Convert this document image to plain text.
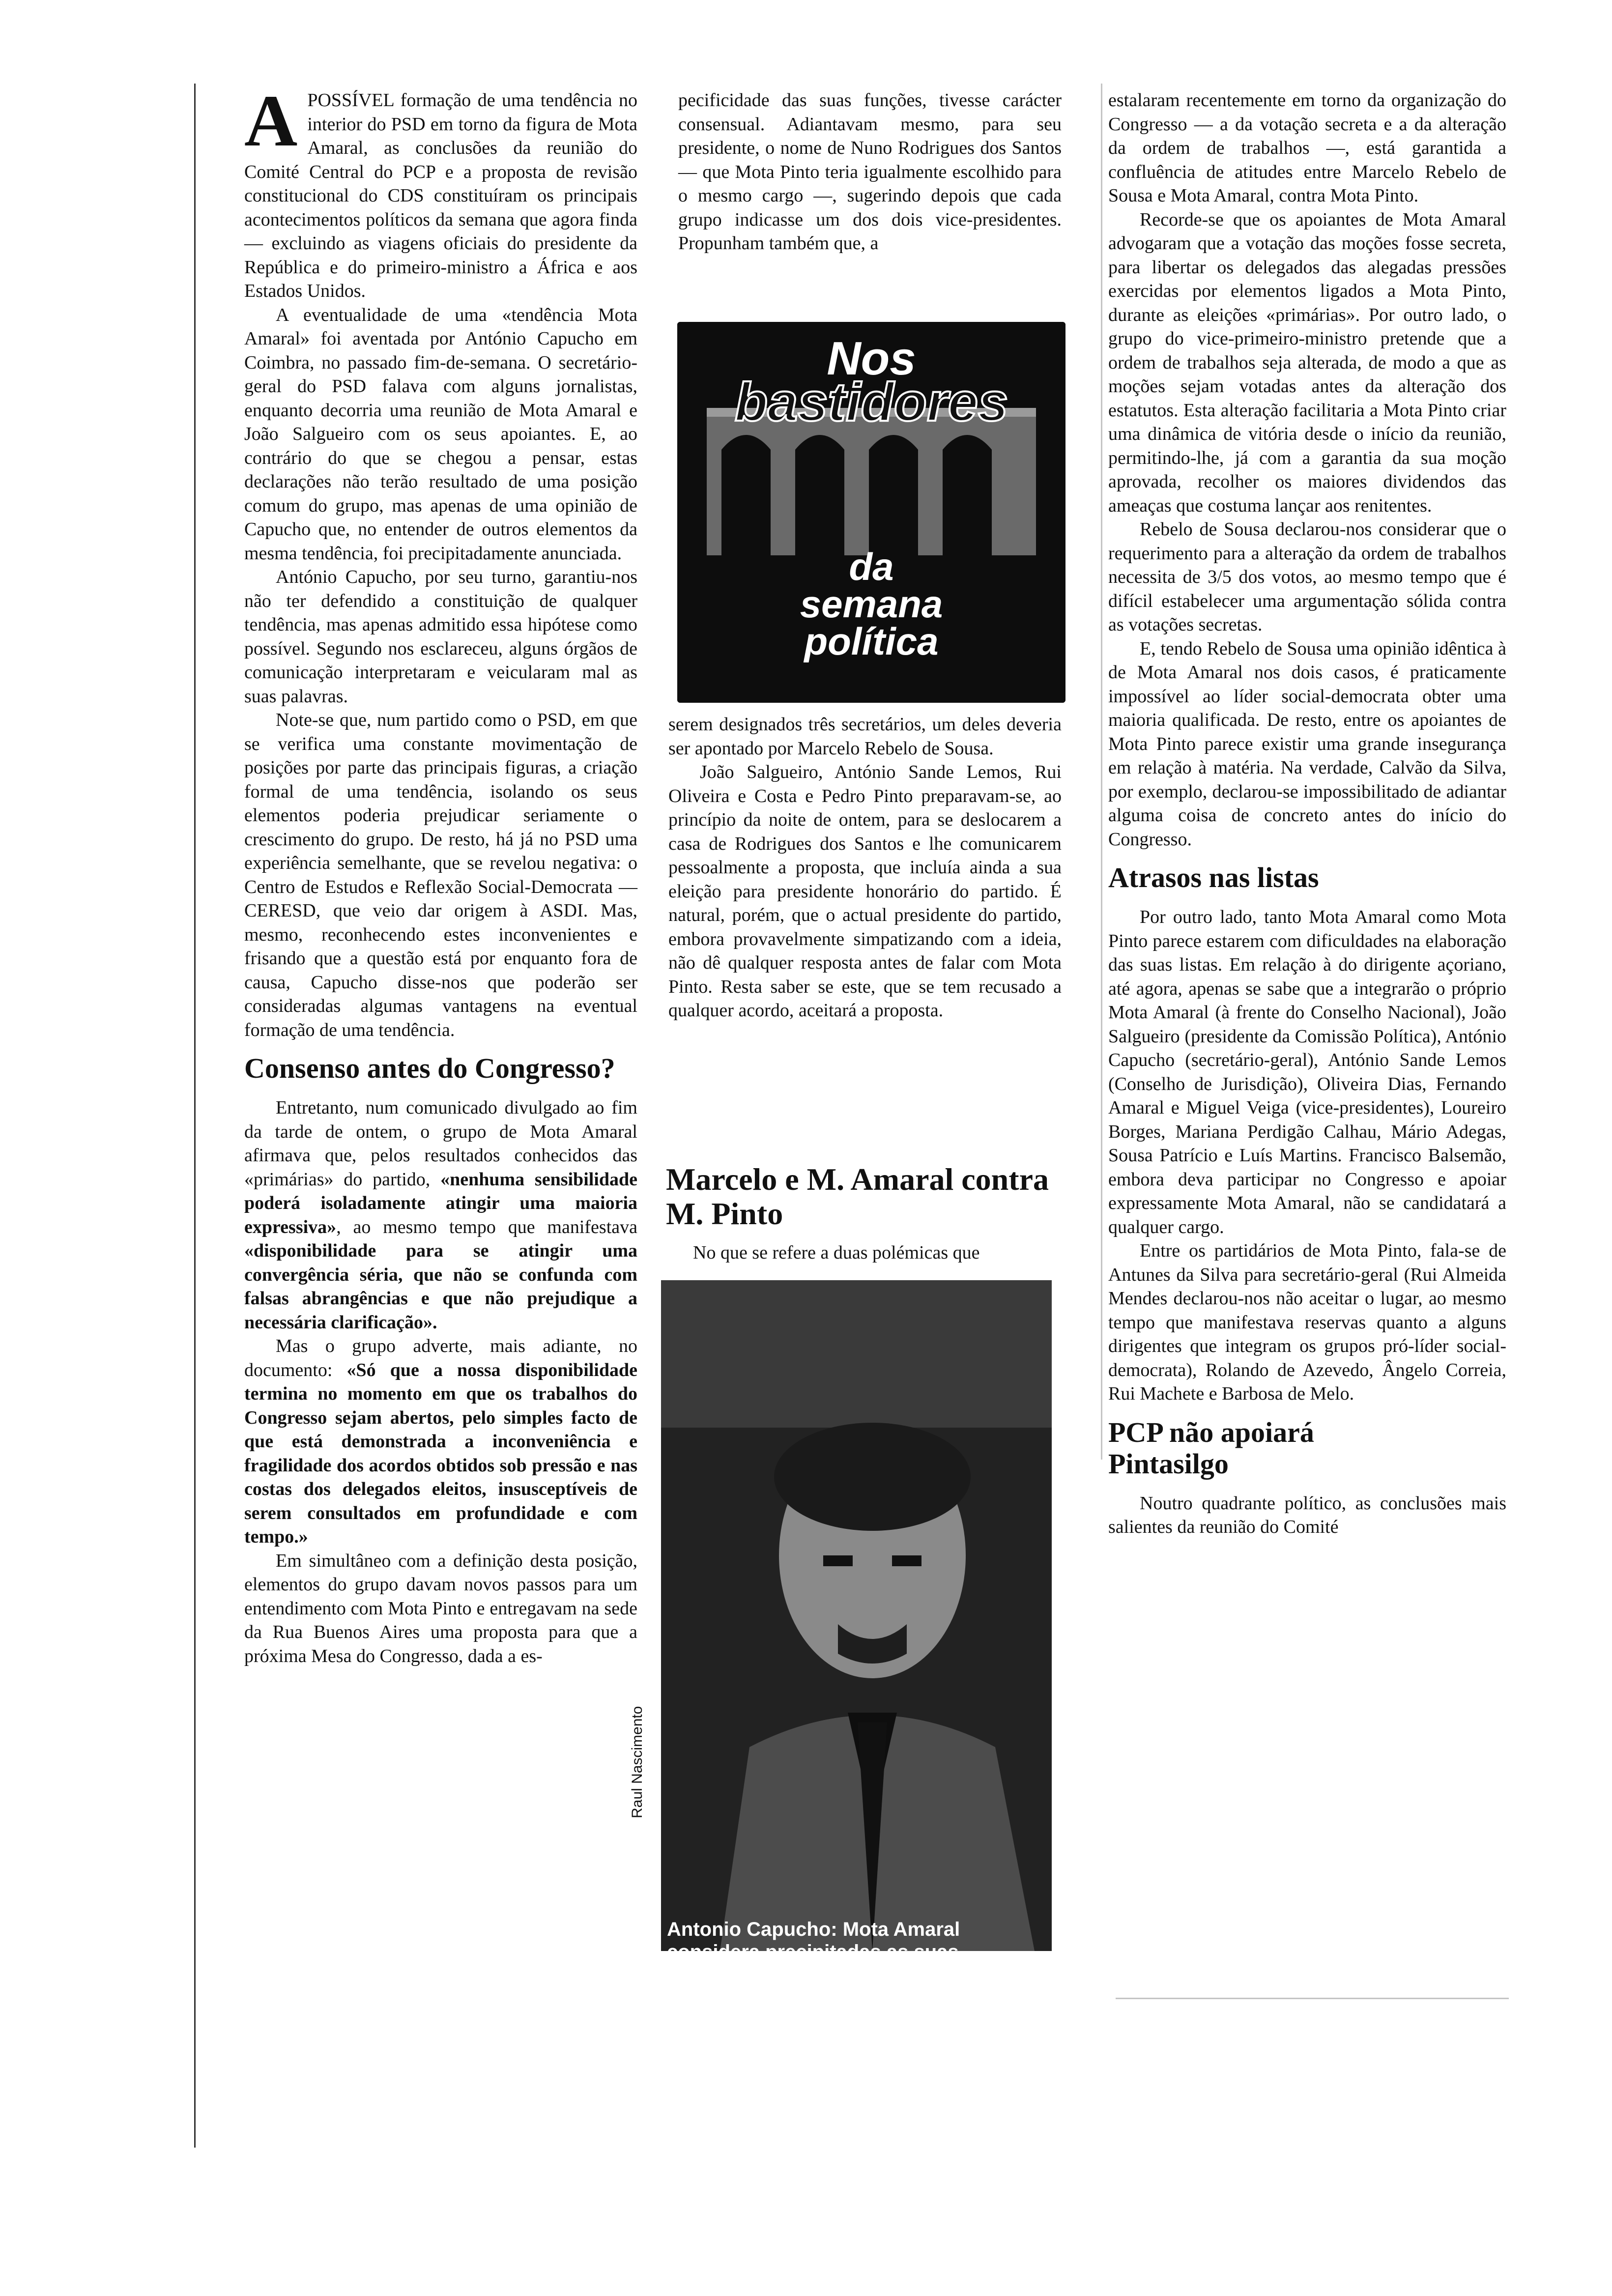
APOSSÍVEL formação de uma tendência no interior do PSD em torno da figura de Mota Amaral, as conclusões da reunião do Comité Central do PCP e a proposta de revisão constitucional do CDS constituíram os principais acontecimentos políticos da semana que agora finda — excluindo as viagens oficiais do presidente da República e do primeiro-ministro a África e aos Estados Unidos.

A eventualidade de uma «tendência Mota Amaral» foi aventada por António Capucho em Coimbra, no passado fim-de-semana. O secretário-geral do PSD falava com alguns jornalistas, enquanto decorria uma reunião de Mota Amaral e João Salgueiro com os seus apoiantes. E, ao contrário do que se chegou a pensar, estas declarações não terão resultado de uma posição comum do grupo, mas apenas de uma opinião de Capucho que, no entender de outros elementos da mesma tendência, foi precipitadamente anunciada.

António Capucho, por seu turno, garantiu-nos não ter defendido a constituição de qualquer tendência, mas apenas admitido essa hipótese como possível. Segundo nos esclareceu, alguns órgãos de comunicação interpretaram e veicularam mal as suas palavras.

Note-se que, num partido como o PSD, em que se verifica uma constante movimentação de posições por parte das principais figuras, a criação formal de uma tendência, isolando os seus elementos poderia prejudicar seriamente o crescimento do grupo. De resto, há já no PSD uma experiência semelhante, que se revelou negativa: o Centro de Estudos e Reflexão Social-Democrata — CERESD, que veio dar origem à ASDI. Mas, mesmo, reconhecendo estes inconvenientes e frisando que a questão está por enquanto fora de causa, Capucho disse-nos que poderão ser consideradas algumas vantagens na eventual formação de uma tendência.

Consenso antes do Congresso?

Entretanto, num comunicado divulgado ao fim da tarde de ontem, o grupo de Mota Amaral afirmava que, pelos resultados conhecidos das «primárias» do partido, «nenhuma sensibilidade poderá isoladamente atingir uma maioria expressiva», ao mesmo tempo que manifestava «disponibilidade para se atingir uma convergência séria, que não se confunda com falsas abrangências e que não prejudique a necessária clarificação».

Mas o grupo adverte, mais adiante, no documento: «Só que a nossa disponibilidade termina no momento em que os trabalhos do Congresso sejam abertos, pelo simples facto de que está demonstrada a inconveniência e fragilidade dos acordos obtidos sob pressão e nas costas dos delegados eleitos, insusceptíveis de serem consultados em profundidade e com tempo.»

Em simultâneo com a definição desta posição, elementos do grupo davam novos passos para um entendimento com Mota Pinto e entregavam na sede da Rua Buenos Aires uma proposta para que a próxima Mesa do Congresso, dada a es-

pecificidade das suas funções, tivesse carácter consensual. Adiantavam mesmo, para seu presidente, o nome de Nuno Rodrigues dos Santos — que Mota Pinto teria igualmente escolhido para o mesmo cargo —, sugerindo depois que cada grupo indicasse um dos dois vice-presidentes. Propunham também que, a

Nos
bastidores
da
semana
política

serem designados três secretários, um deles deveria ser apontado por Marcelo Rebelo de Sousa.

João Salgueiro, António Sande Lemos, Rui Oliveira e Costa e Pedro Pinto preparavam-se, ao princípio da noite de ontem, para se deslocarem a casa de Rodrigues dos Santos e lhe comunicarem pessoalmente a proposta, que incluía ainda a sua eleição para presidente honorário do partido. É natural, porém, que o actual presidente do partido, embora provavelmente simpatizando com a ideia, não dê qualquer resposta antes de falar com Mota Pinto. Resta saber se este, que se tem recusado a qualquer acordo, aceitará a proposta.

Marcelo e M. Amaral contra M. Pinto
No que se refere a duas polémicas que
Antonio Capucho: Mota Amaral considera precipitadas as suas declarações em Coimbra
Raul Nascimento

estalaram recentemente em torno da organização do Congresso — a da votação secreta e a da alteração da ordem de trabalhos —, está garantida a confluência de atitudes entre Marcelo Rebelo de Sousa e Mota Amaral, contra Mota Pinto.

Recorde-se que os apoiantes de Mota Amaral advogaram que a votação das moções fosse secreta, para libertar os delegados das alegadas pressões exercidas por elementos ligados a Mota Pinto, durante as eleições «primárias». Por outro lado, o grupo do vice-primeiro-ministro pretende que a ordem de trabalhos seja alterada, de modo a que as moções sejam votadas antes da alteração dos estatutos. Esta alteração facilitaria a Mota Pinto criar uma dinâmica de vitória desde o início da reunião, permitindo-lhe, já com a garantia da sua moção aprovada, recolher os maiores dividendos das ameaças que costuma lançar aos renitentes.

Rebelo de Sousa declarou-nos considerar que o requerimento para a alteração da ordem de trabalhos necessita de 3/5 dos votos, ao mesmo tempo que é difícil estabelecer uma argumentação sólida contra as votações secretas.

E, tendo Rebelo de Sousa uma opinião idêntica à de Mota Amaral nos dois casos, é praticamente impossível ao líder social-democrata obter uma maioria qualificada. De resto, entre os apoiantes de Mota Pinto parece existir uma grande insegurança em relação à matéria. Na verdade, Calvão da Silva, por exemplo, declarou-se impossibilitado de adiantar alguma coisa de concreto antes do início do Congresso.

Atrasos nas listas

Por outro lado, tanto Mota Amaral como Mota Pinto parece estarem com dificuldades na elaboração das suas listas. Em relação à do dirigente açoriano, até agora, apenas se sabe que a integrarão o próprio Mota Amaral (à frente do Conselho Nacional), João Salgueiro (presidente da Comissão Política), António Capucho (secretário-geral), António Sande Lemos (Conselho de Jurisdição), Oliveira Dias, Fernando Amaral e Miguel Veiga (vice-presidentes), Loureiro Borges, Mariana Perdigão Calhau, Mário Adegas, Sousa Patrício e Luís Martins. Francisco Balsemão, embora deva participar no Congresso e apoiar expressamente Mota Amaral, não se candidatará a qualquer cargo.

Entre os partidários de Mota Pinto, fala-se de Antunes da Silva para secretário-geral (Rui Almeida Mendes declarou-nos não aceitar o lugar, ao mesmo tempo que manifestava reservas quanto a alguns dirigentes que integram os grupos pró-líder social-democrata), Rolando de Azevedo, Ângelo Correia, Rui Machete e Barbosa de Melo.

PCP não apoiará
Pintasilgo

Noutro quadrante político, as conclusões mais salientes da reunião do Comité
